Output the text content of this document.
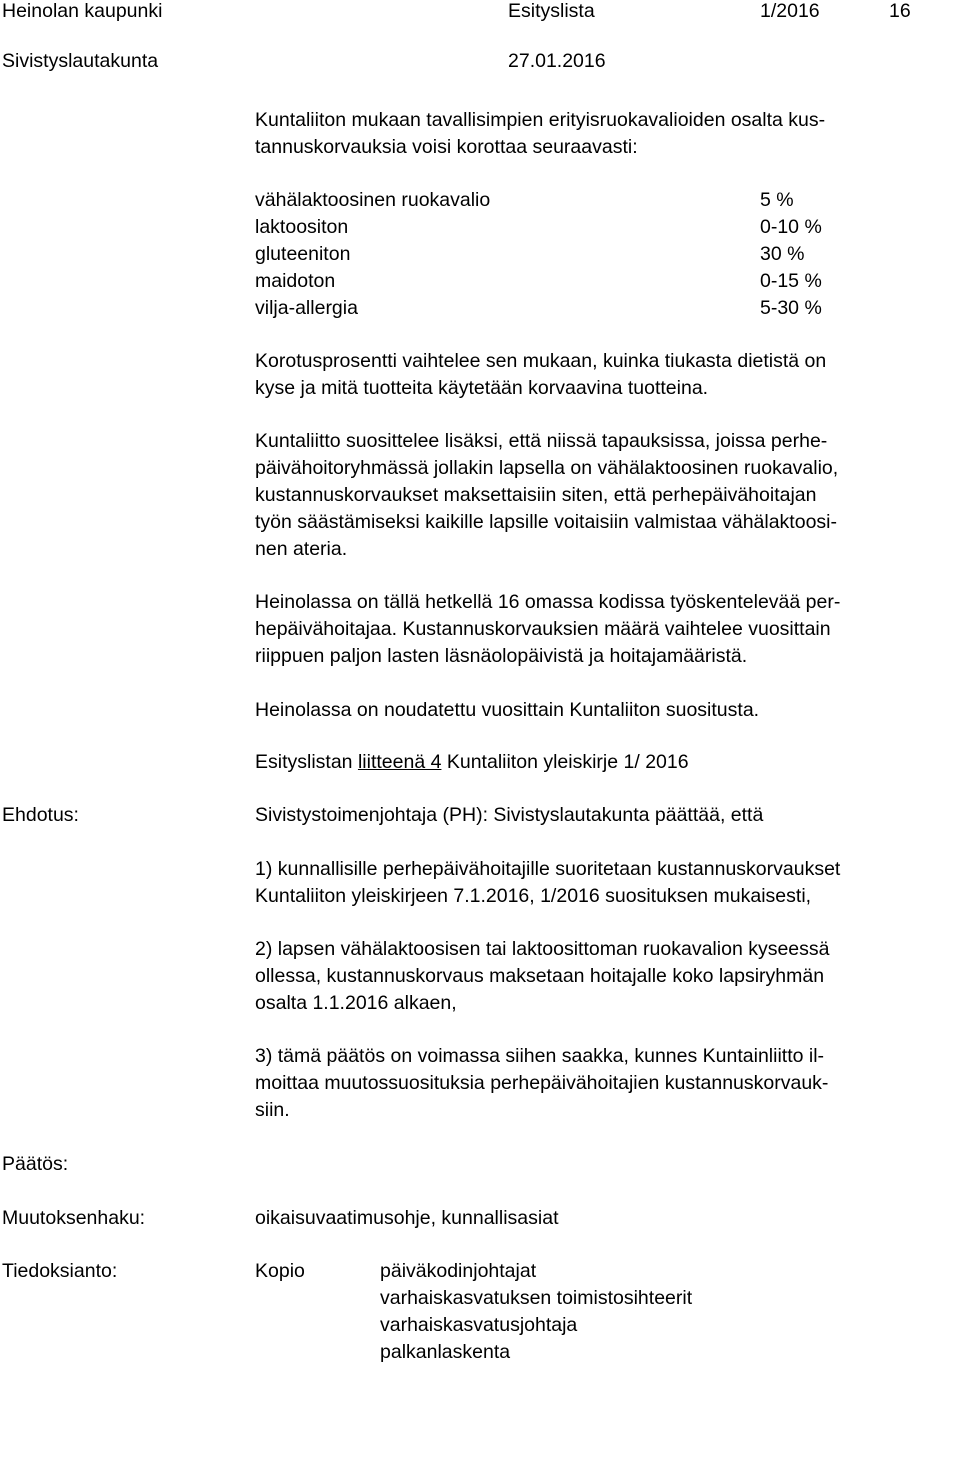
Heinolan kaupunki	Esityslista	1/2016	16
Sivistyslautakunta	27.01.2016
Kuntaliiton mukaan tavallisimpien erityisruokavalioiden osalta kus-
tannuskorvauksia voisi korottaa seuraavasti:
vähälaktoosinen ruokavalio	5 %
laktoositon	0-10 %
gluteeniton	30 %
maidoton	0-15 %
vilja-allergia	5-30 %
Korotusprosentti vaihtelee sen mukaan, kuinka tiukasta dietistä on
kyse ja mitä tuotteita käytetään korvaavina tuotteina.
Kuntaliitto suosittelee lisäksi, että niissä tapauksissa, joissa perhe-
päivähoitoryhmässä jollakin lapsella on vähälaktoosinen ruokavalio,
kustannuskorvaukset maksettaisiin siten, että perhepäivähoitajan
työn säästämiseksi kaikille lapsille voitaisiin valmistaa vähälaktoosi-
nen ateria.
Heinolassa on tällä hetkellä 16 omassa kodissa työskentelevää per-
hepäivähoitajaa. Kustannuskorvauksien määrä vaihtelee vuosittain
riippuen paljon lasten läsnäolopäivistä ja hoitajamääristä.
Heinolassa on noudatettu vuosittain Kuntaliiton suositusta.
Esityslistan liitteenä 4 Kuntaliiton yleiskirje 1/ 2016
Ehdotus:	Sivistystoimenjohtaja (PH): Sivistyslautakunta päättää, että
1) kunnallisille perhepäivähoitajille suoritetaan kustannuskorvaukset
Kuntaliiton yleiskirjeen 7.1.2016, 1/2016 suosituksen mukaisesti,
2) lapsen vähälaktoosisen tai laktoosittoman ruokavalion kyseessä
ollessa, kustannuskorvaus maksetaan hoitajalle koko lapsiryhmän
osalta 1.1.2016 alkaen,
3) tämä päätös on voimassa siihen saakka, kunnes Kuntainliitto il-
moittaa muutossuosituksia perhepäivähoitajien kustannuskorvauk-
siin.
Päätös:
Muutoksenhaku:	oikaisuvaatimusohje, kunnallisasiat
Tiedoksianto:	Kopio	päiväkodinjohtajat
varhaiskasvatuksen toimistosihteerit
varhaiskasvatusjohtaja
palkanlaskenta
